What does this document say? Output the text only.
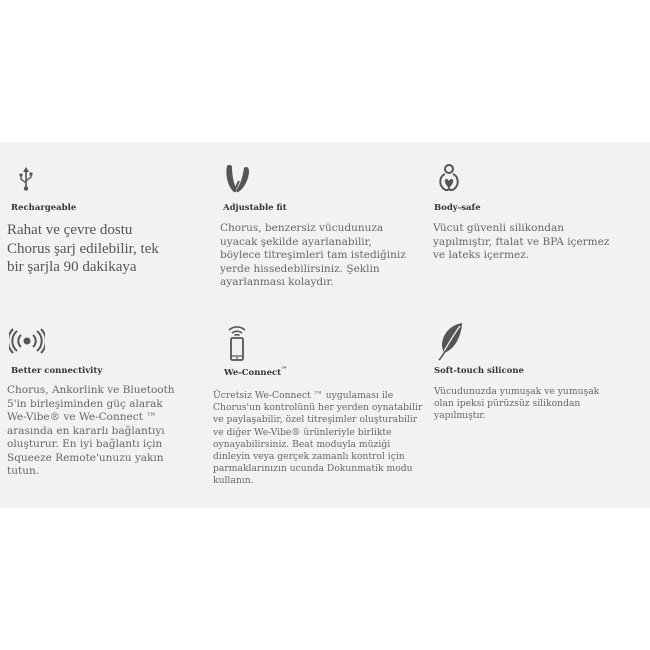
Rechargeable

Rahat ve çevre dostu Chorus şarj edilebilir, tek bir şarjla 90 dakikaya

Adjustable fit

Chorus, benzersiz vücudunuza uyacak şekilde ayarlanabilir, böylece titreşimleri tam istediğiniz yerde hissedebilirsiniz. Şeklin ayarlanması kolaydır.

Body-safe

Vücut güvenli silikondan yapılmıştır, ftalat ve BPA içermez ve lateks içermez.

Better connectivity

Chorus, Ankorlink ve Bluetooth 5'in birleşiminden güç alarak We-Vibe® ve We-Connect ™ arasında en kararlı bağlantıyı oluşturur. En iyi bağlantı için Squeeze Remote'unuzu yakın tutun.

We-Connect™

Ücretsiz We-Connect ™ uygulaması ile Chorus'un kontrolünü her yerden oynatabilir ve paylaşabilir, özel titreşimler oluşturabilir ve diğer We-Vibe® ürünleriyle birlikte oynayabilirsiniz. Beat moduyla müziği dinleyin veya gerçek zamanlı kontrol için parmaklarınızın ucunda Dokunmatik modu kullanın.

Soft-touch silicone

Vücudunuzda yumuşak ve yumuşak olan ipeksi pürüzsüz silikondan yapılmıştır.
